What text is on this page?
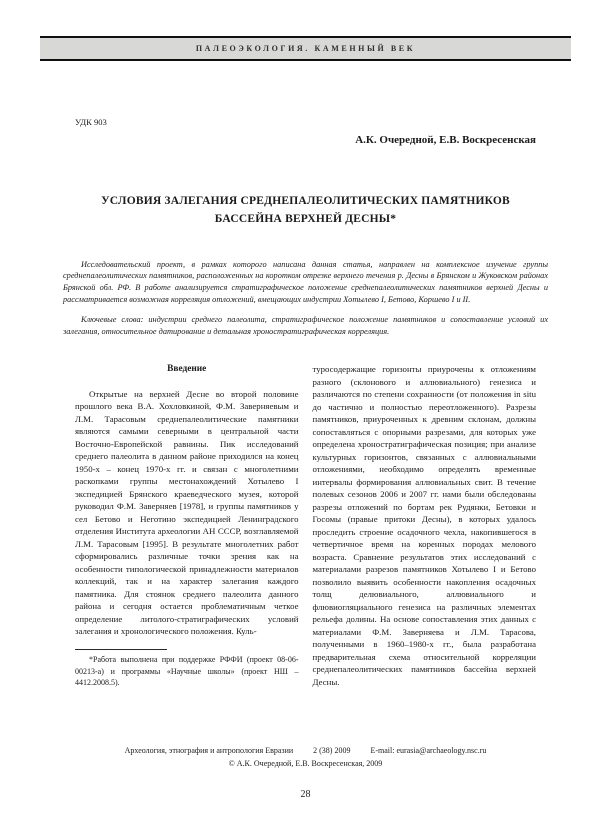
ПАЛЕОЭКОЛОГИЯ. КАМЕННЫЙ ВЕК
УДК 903
А.К. Очередной, Е.В. Воскресенская
УСЛОВИЯ ЗАЛЕГАНИЯ СРЕДНЕПАЛЕОЛИТИЧЕСКИХ ПАМЯТНИКОВ БАССЕЙНА ВЕРХНЕЙ ДЕСНЫ*

Исследовательский проект, в рамках которого написана данная статья, направлен на комплексное изучение группы среднепалеолитических памятников, расположенных на коротком отрезке верхнего течения р. Десны в Брянском и Жуковском районах Брянской обл. РФ. В работе анализируется стратиграфическое положение среднепалеолитических памятников верхней Десны и рассматривается возможная корреляция отложений, вмещающих индустрии Хотылево I, Бетово, Коршево I и II.

Ключевые слова: индустрии среднего палеолита, стратиграфическое положение памятников и сопоставление условий их залегания, относительное датирование и детальная хроностратиграфическая корреляция.

Введение

Открытые на верхней Десне во второй половине прошлого века В.А. Хохловкиной, Ф.М. Заверняевым и Л.М. Тарасовым среднепалеолитические памятники являются самыми северными в центральной части Восточно-Европейской равнины. Пик исследований среднего палеолита в данном районе приходился на конец 1950-х – конец 1970-х гг. и связан с многолетними раскопками группы местонахождений Хотылево I экспедицией Брянского краеведческого музея, которой руководил Ф.М. Заверняев [1978], и группы памятников у сел Бетово и Неготино экспедицией Ленинградского отделения Института археологии АН СССР, возглавляемой Л.М. Тарасовым [1995]. В результате многолетних работ сформировались различные точки зрения как на особенности типологической принадлежности материалов коллекций, так и на характер залегания каждого памятника. Для стоянок среднего палеолита данного района и сегодня остается проблематичным четкое определение литолого-стратиграфических условий залегания и хронологического положения. Куль-

*Работа выполнена при поддержке РФФИ (проект 08-06-00213-а) и программы «Научные школы» (проект НШ – 4412.2008.5).

туросодержащие горизонты приурочены к отложениям разного (склонового и аллювиального) генезиса и различаются по степени сохранности (от положения in situ до частично и полностью переотложенного). Разрезы памятников, приуроченных к древним склонам, должны сопоставляться с опорными разрезами, для которых уже определена хроностратиграфическая позиция; при анализе культурных горизонтов, связанных с аллювиальными отложениями, необходимо определять временные интервалы формирования аллювиальных свит. В течение полевых сезонов 2006 и 2007 гг. нами были обследованы разрезы отложений по бортам рек Рудянки, Бетовки и Госомы (правые притоки Десны), в которых удалось проследить строение осадочного чехла, накопившегося в четвертичное время на коренных породах мелового возраста. Сравнение результатов этих исследований с материалами разрезов памятников Хотылево I и Бетово позволило выявить особенности накопления осадочных толщ делювиального, аллювиального и флювиогляциального генезиса на различных элементах рельефа долины. На основе сопоставления этих данных с материалами Ф.М. Заверняева и Л.М. Тарасова, полученными в 1960–1980-х гг., была разработана предварительная схема относительной корреляции среднепалеолитических памятников бассейна верхней Десны.

Археология, этнография и антропология Евразии	2 (38) 2009	E-mail: eurasia@archaeology.nsc.ru
© А.К. Очередной, Е.В. Воскресенская, 2009
28
